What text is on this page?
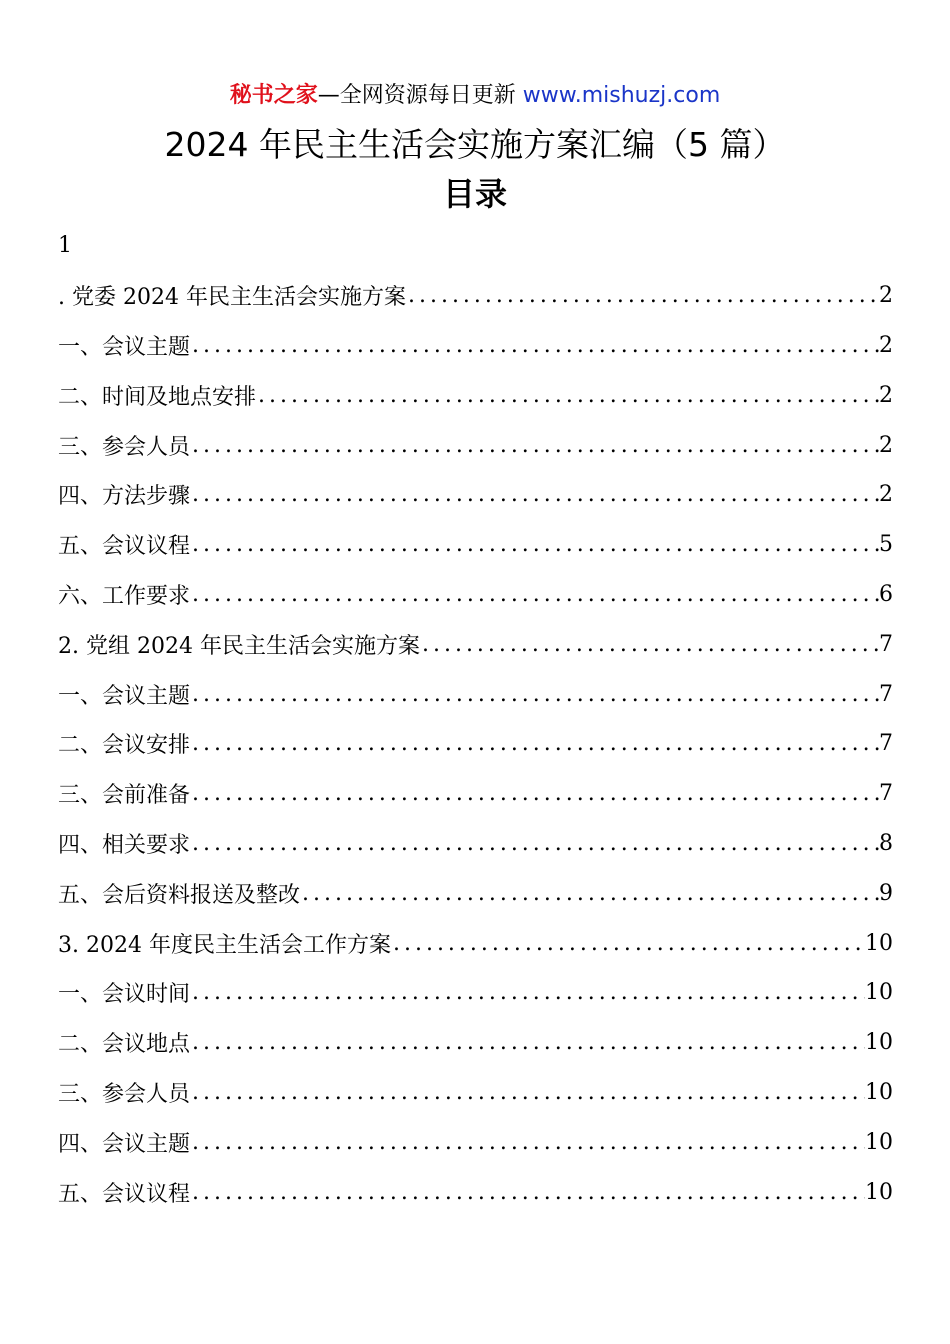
秘书之家—全网资源每日更新 www.mishuzj.com
2024 年民主生活会实施方案汇编（5 篇）
目录
1
. 党委 2024 年民主生活会实施方案 .....	2
一、会议主题 .....	2
二、时间及地点安排 .....	2
三、参会人员 .....	2
四、方法步骤 .....	2
五、会议议程 .....	5
六、工作要求 .....	6
2. 党组 2024 年民主生活会实施方案 .....	7
一、会议主题 .....	7
二、会议安排 .....	7
三、会前准备 .....	7
四、相关要求 .....	8
五、会后资料报送及整改 .....	9
3. 2024 年度民主生活会工作方案 .....	10
一、会议时间 .....	10
二、会议地点 .....	10
三、参会人员 .....	10
四、会议主题 .....	10
五、会议议程 .....	10
